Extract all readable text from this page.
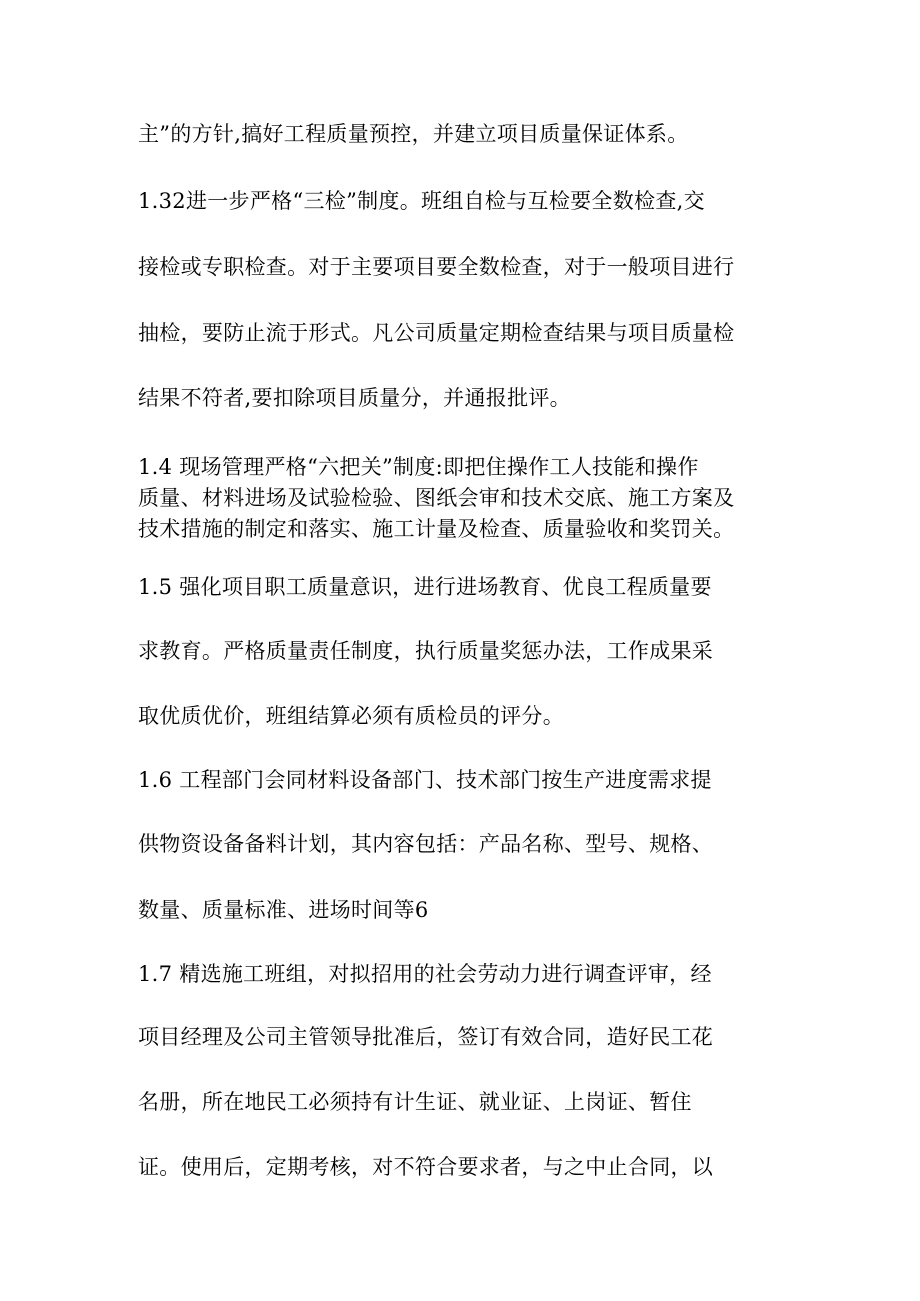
主”的方针,搞好工程质量预控，并建立项目质量保证体系。
1.32进一步严格“三检”制度。班组自检与互检要全数检查,交
接检或专职检查。对于主要项目要全数检查，对于一般项目进行
抽检，要防止流于形式。凡公司质量定期检查结果与项目质量检
结果不符者,要扣除项目质量分，并通报批评。
1.4 现场管理严格“六把关”制度:即把住操作工人技能和操作
质量、材料进场及试验检验、图纸会审和技术交底、施工方案及
技术措施的制定和落实、施工计量及检查、质量验收和奖罚关。
1.5 强化项目职工质量意识，进行进场教育、优良工程质量要
求教育。严格质量责任制度，执行质量奖惩办法，工作成果采
取优质优价，班组结算必须有质检员的评分。
1.6 工程部门会同材料设备部门、技术部门按生产进度需求提
供物资设备备料计划，其内容包括：产品名称、型号、规格、
数量、质量标准、进场时间等6
1.7 精选施工班组，对拟招用的社会劳动力进行调查评审，经
项目经理及公司主管领导批准后，签订有效合同，造好民工花
名册，所在地民工必须持有计生证、就业证、上岗证、暂住
证。使用后，定期考核，对不符合要求者，与之中止合同，以
